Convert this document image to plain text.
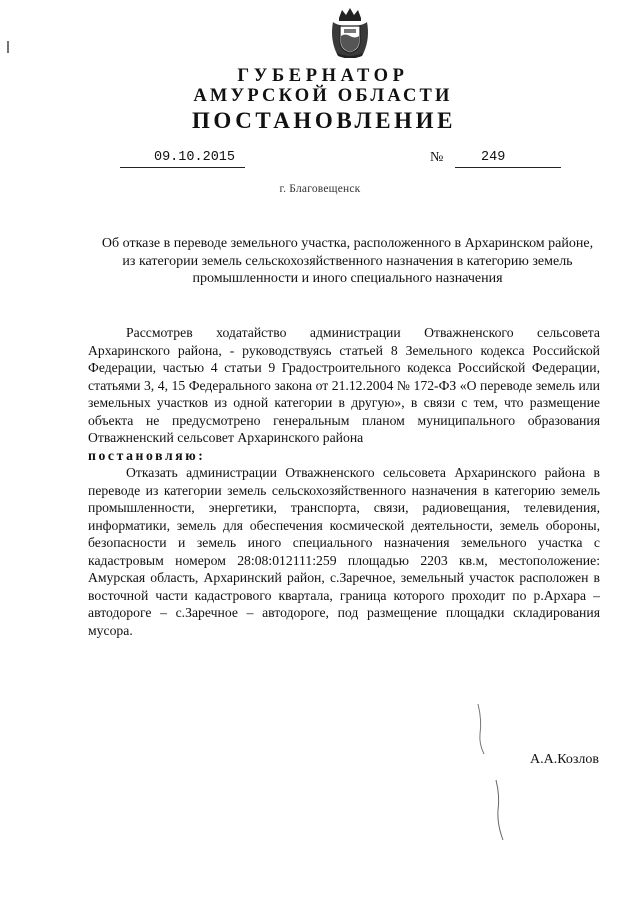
ГУБЕРНАТОР
АМУРСКОЙ ОБЛАСТИ
ПОСТАНОВЛЕНИЕ
09.10.2015	№	249
г. Благовещенск
Об отказе в переводе земельного участка, расположенного в Архаринском районе, из категории земель сельскохозяйственного назначения в категорию земель промышленности и иного специального назначения

Рассмотрев ходатайство администрации Отважненского сельсовета Архаринского района, - руководствуясь статьей 8 Земельного кодекса Российской Федерации, частью 4 статьи 9 Градостроительного кодекса Российской Федерации, статьями 3, 4, 15 Федерального закона от 21.12.2004 № 172-ФЗ «О переводе земель или земельных участков из одной категории в другую», в связи с тем, что размещение объекта не предусмотрено генеральным планом муниципального образования Отважненский сельсовет Архаринского района

постановляю:

Отказать администрации Отважненского сельсовета Архаринского района в переводе из категории земель сельскохозяйственного назначения в категорию земель промышленности, энергетики, транспорта, связи, радиовещания, телевидения, информатики, земель для обеспечения космической деятельности, земель обороны, безопасности и земель иного специального назначения земельного участка с кадастровым номером 28:08:012111:259 площадью 2203 кв.м, местоположение: Амурская область, Архаринский район, с.Заречное, земельный участок расположен в восточной части кадастрового квартала, граница которого проходит по р.Архара – автодороге – с.Заречное – автодороге, под размещение площадки складирования мусора.

А.А.Козлов
